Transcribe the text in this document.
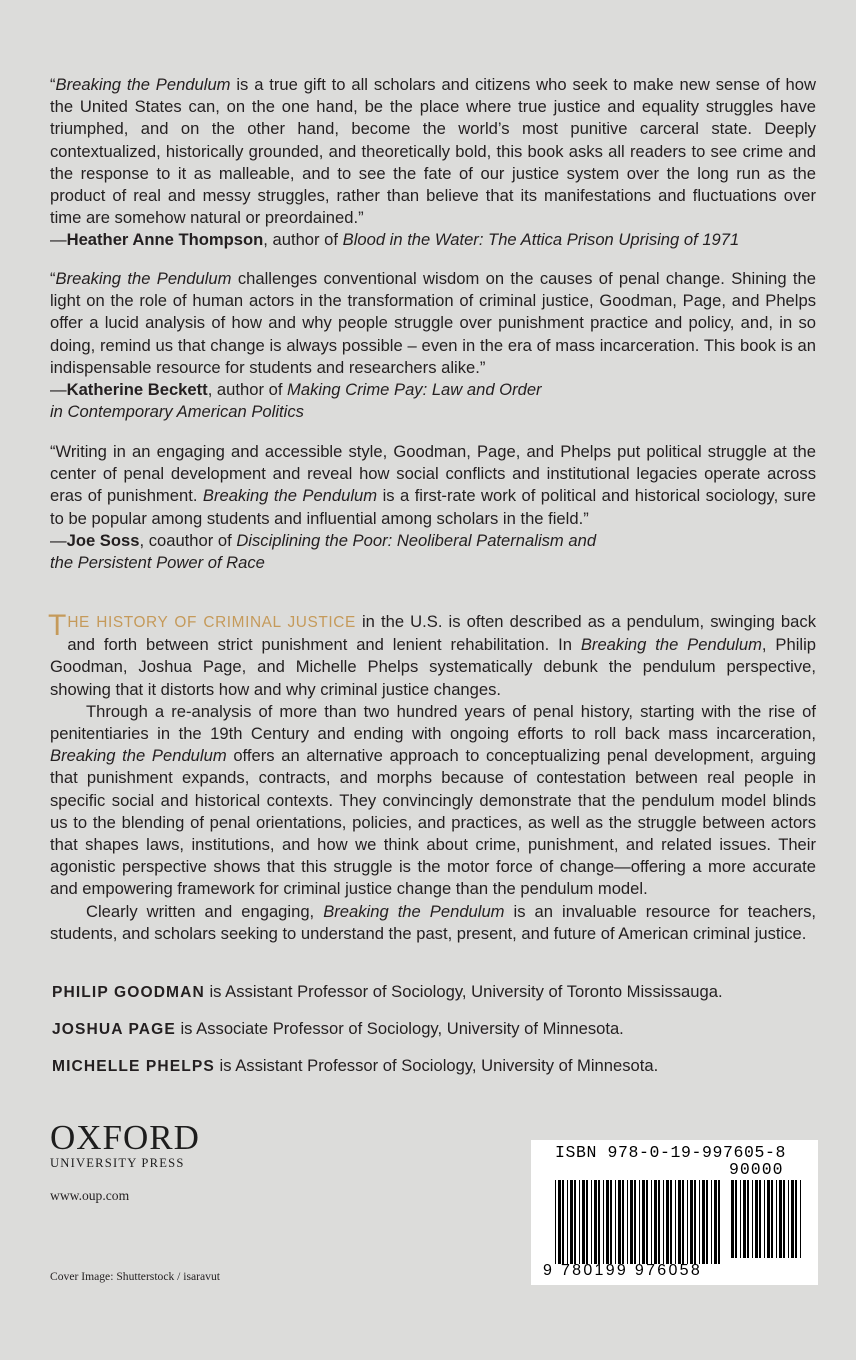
“Breaking the Pendulum is a true gift to all scholars and citizens who seek to make new sense of how the United States can, on the one hand, be the place where true justice and equality struggles have triumphed, and on the other hand, become the world’s most punitive carceral state. Deeply contextualized, historically grounded, and theoretically bold, this book asks all readers to see crime and the response to it as malleable, and to see the fate of our justice system over the long run as the product of real and messy struggles, rather than believe that its manifestations and fluctuations over time are somehow natural or preordained.”

—Heather Anne Thompson, author of Blood in the Water: The Attica Prison Uprising of 1971

“Breaking the Pendulum challenges conventional wisdom on the causes of penal change. Shining the light on the role of human actors in the transformation of criminal justice, Goodman, Page, and Phelps offer a lucid analysis of how and why people struggle over punishment practice and policy, and, in so doing, remind us that change is always possible – even in the era of mass incarceration. This book is an indispensable resource for students and researchers alike.”

—Katherine Beckett, author of Making Crime Pay: Law and Order
in Contemporary American Politics

“Writing in an engaging and accessible style, Goodman, Page, and Phelps put political struggle at the center of penal development and reveal how social conflicts and institutional legacies operate across eras of punishment. Breaking the Pendulum is a first-rate work of political and historical sociology, sure to be popular among students and influential among scholars in the field.”

—Joe Soss, coauthor of Disciplining the Poor: Neoliberal Paternalism and
the Persistent Power of Race

THE HISTORY OF CRIMINAL JUSTICE in the U.S. is often described as a pendulum, swinging back and forth between strict punishment and lenient rehabilitation. In Breaking the Pendulum, Philip Goodman, Joshua Page, and Michelle Phelps systematically debunk the pendulum perspective, showing that it distorts how and why criminal justice changes.

Through a re-analysis of more than two hundred years of penal history, starting with the rise of penitentiaries in the 19th Century and ending with ongoing efforts to roll back mass incarceration, Breaking the Pendulum offers an alternative approach to conceptualizing penal development, arguing that punishment expands, contracts, and morphs because of contestation between real people in specific social and historical contexts. They convincingly demonstrate that the pendulum model blinds us to the blending of penal orientations, policies, and practices, as well as the struggle between actors that shapes laws, institutions, and how we think about crime, punishment, and related issues. Their agonistic perspective shows that this struggle is the motor force of change—offering a more accurate and empowering framework for criminal justice change than the pendulum model.

Clearly written and engaging, Breaking the Pendulum is an invaluable resource for teachers, students, and scholars seeking to understand the past, present, and future of American criminal justice.

PHILIP GOODMAN is Assistant Professor of Sociology, University of Toronto Mississauga.

JOSHUA PAGE is Associate Professor of Sociology, University of Minnesota.

MICHELLE PHELPS is Assistant Professor of Sociology, University of Minnesota.

OXFORD
UNIVERSITY PRESS
www.oup.com
Cover Image: Shutterstock / isaravut
ISBN 978-0-19-997605-8
90000
9 780199 976058
